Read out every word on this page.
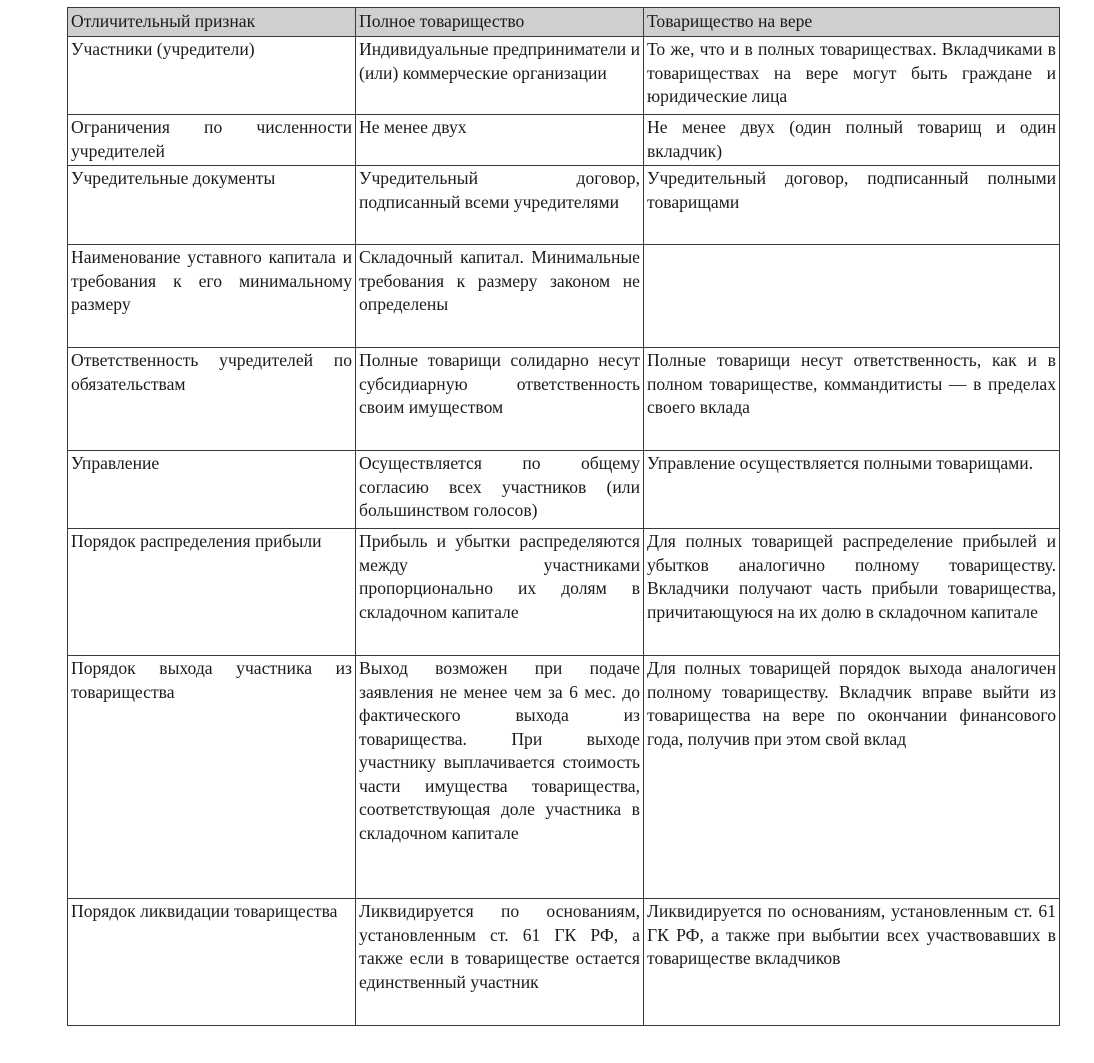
Отличительный признак	Полное товарищество	Товарищество на вере
Участники (учредители)	Индивидуальные предприниматели и (или) коммерческие организации	То же, что и в полных товариществах. Вкладчиками в товариществах на вере могут быть граждане и юридические лица
Ограничения по численности учредителей	Не менее двух	Не менее двух (один полный товарищ и один вкладчик)
Учредительные документы	Учредительный договор, подписанный всеми учредителями	Учредительный договор, подписанный полными товарищами
Наименование уставного капитала и требования к его минимальному размеру	Складочный капитал. Минимальные требования к размеру законом не определены	
Ответственность учредителей по обязательствам	Полные товарищи солидарно несут субсидиарную ответственность своим имуществом	Полные товарищи несут ответственность, как и в полном товариществе, коммандитисты — в пределах своего вклада
Управление	Осуществляется по общему согласию всех участников (или большинством голосов)	Управление осуществляется полными товарищами.
Порядок распределения прибыли	Прибыль и убытки распределяются между участниками пропорционально их долям в складочном капитале	Для полных товарищей распределение прибылей и убытков аналогично полному товариществу. Вкладчики получают часть прибыли товарищества, причитающуюся на их долю в складочном капитале
Порядок выхода участника из товарищества	Выход возможен при подаче заявления не менее чем за 6 мес. до фактического выхода из товарищества. При выходе участнику выплачивается стоимость части имущества товарищества, соответствующая доле участника в складочном капитале	Для полных товарищей порядок выхода аналогичен полному товариществу. Вкладчик вправе выйти из товарищества на вере по окончании финансового года, получив при этом свой вклад
Порядок ликвидации товарищества	Ликвидируется по основаниям, установленным ст. 61 ГК РФ, а также если в товариществе остается единственный участник	Ликвидируется по основаниям, установленным ст. 61 ГК РФ, а также при выбытии всех участвовавших в товариществе вкладчиков
